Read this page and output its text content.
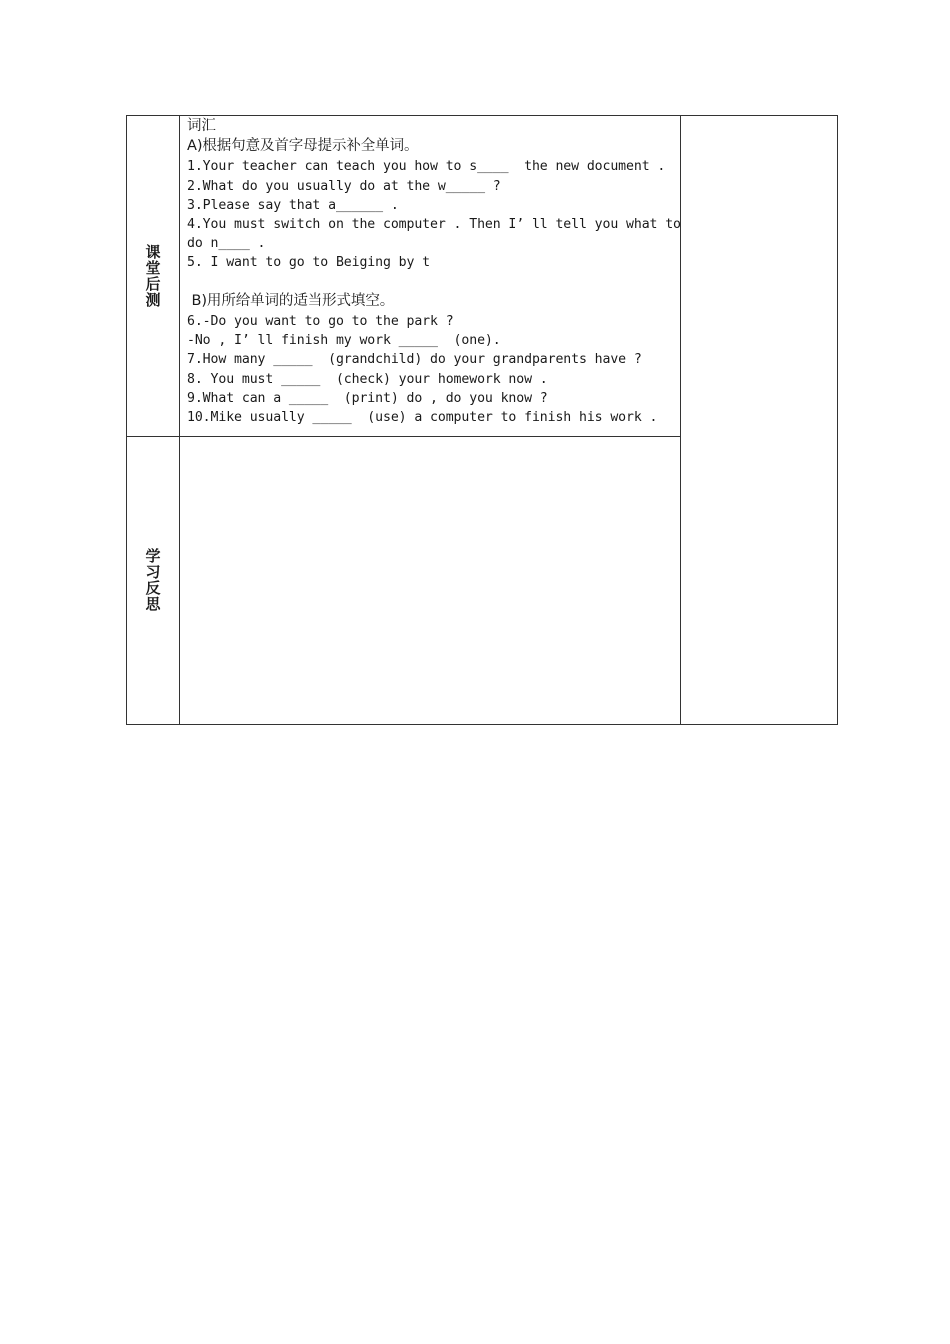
课堂后测
学习反思
词汇
A)根据句意及首字母提示补全单词。
1.Your teacher can teach you how to s____  the new document .
2.What do you usually do at the w_____ ?
3.Please say that a______ .
4.You must switch on the computer . Then I’ ll tell you what to
do n____ .
5. I want to go to Beiging by t
B)用所给单词的适当形式填空。
6.-Do you want to go to the park ?
-No , I’ ll finish my work _____  (one).
7.How many _____  (grandchild) do your grandparents have ?
8. You must _____  (check) your homework now .
9.What can a _____  (print) do , do you know ?
10.Mike usually _____  (use) a computer to finish his work .
